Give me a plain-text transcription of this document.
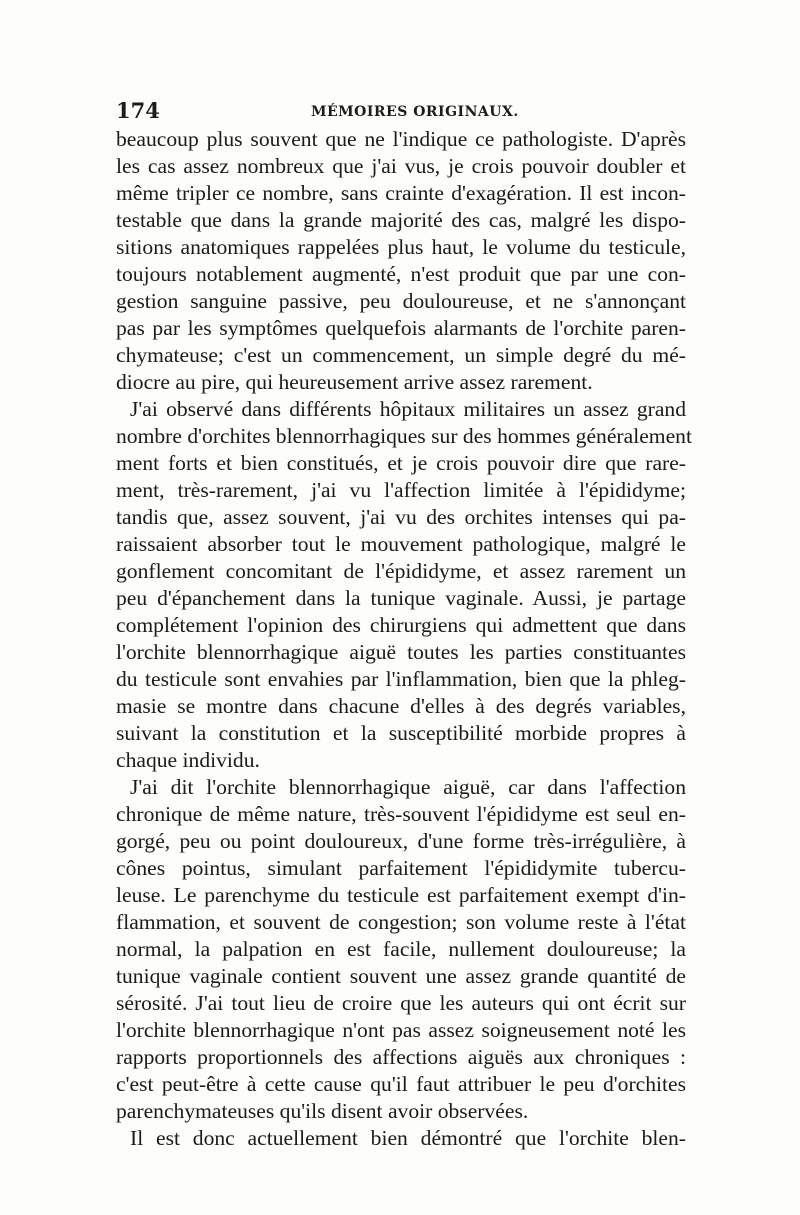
174	MÉMOIRES ORIGINAUX.
beaucoup plus souvent que ne l'indique ce pathologiste. D'après
les cas assez nombreux que j'ai vus, je crois pouvoir doubler et
même tripler ce nombre, sans crainte d'exagération. Il est incon-
testable que dans la grande majorité des cas, malgré les dispo-
sitions anatomiques rappelées plus haut, le volume du testicule,
toujours notablement augmenté, n'est produit que par une con-
gestion sanguine passive, peu douloureuse, et ne s'annonçant
pas par les symptômes quelquefois alarmants de l'orchite paren-
chymateuse; c'est un commencement, un simple degré du mé-
diocre au pire, qui heureusement arrive assez rarement.
J'ai observé dans différents hôpitaux militaires un assez grand
nombre d'orchites blennorrhagiques sur des hommes généralement
ment forts et bien constitués, et je crois pouvoir dire que rare-
ment, très-rarement, j'ai vu l'affection limitée à l'épididyme;
tandis que, assez souvent, j'ai vu des orchites intenses qui pa-
raissaient absorber tout le mouvement pathologique, malgré le
gonflement concomitant de l'épididyme, et assez rarement un
peu d'épanchement dans la tunique vaginale. Aussi, je partage
complétement l'opinion des chirurgiens qui admettent que dans
l'orchite blennorrhagique aiguë toutes les parties constituantes
du testicule sont envahies par l'inflammation, bien que la phleg-
masie se montre dans chacune d'elles à des degrés variables,
suivant la constitution et la susceptibilité morbide propres à
chaque individu.
J'ai dit l'orchite blennorrhagique aiguë, car dans l'affection
chronique de même nature, très-souvent l'épididyme est seul en-
gorgé, peu ou point douloureux, d'une forme très-irrégulière, à
cônes pointus, simulant parfaitement l'épididymite tubercu-
leuse. Le parenchyme du testicule est parfaitement exempt d'in-
flammation, et souvent de congestion; son volume reste à l'état
normal, la palpation en est facile, nullement douloureuse; la
tunique vaginale contient souvent une assez grande quantité de
sérosité. J'ai tout lieu de croire que les auteurs qui ont écrit sur
l'orchite blennorrhagique n'ont pas assez soigneusement noté les
rapports proportionnels des affections aiguës aux chroniques :
c'est peut-être à cette cause qu'il faut attribuer le peu d'orchites
parenchymateuses qu'ils disent avoir observées.
Il est donc actuellement bien démontré que l'orchite blen-
